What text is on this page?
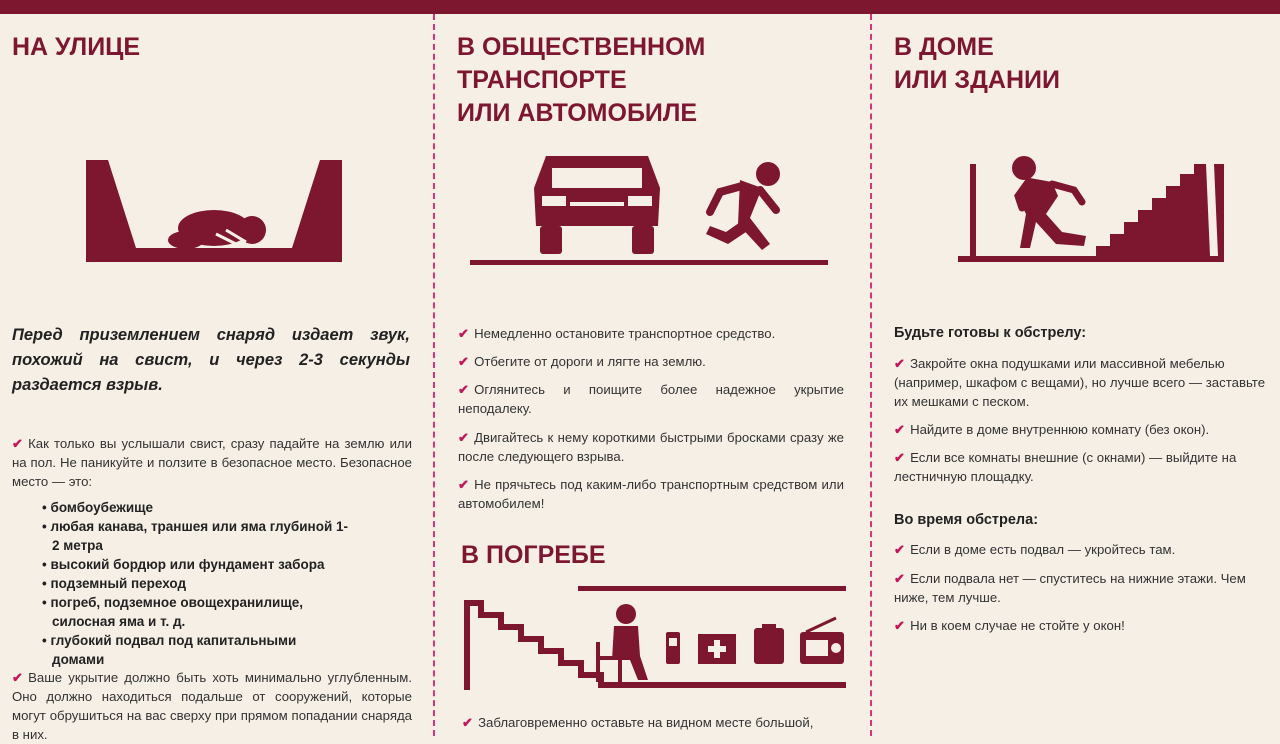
НА УЛИЦЕ
Перед приземлением снаряд издает звук, похожий на свист, и через 2-3 секунды раздается взрыв.
✔ Как только вы услышали свист, сразу падайте на землю или на пол. Не паникуйте и ползите в безопасное место. Безопасное место — это:
• бомбоубежище
• любая канава, траншея или яма глубиной 1-2 метра
• высокий бордюр или фундамент забора
• подземный переход
• погреб, подземное овощехранилище, силосная яма и т. д.
• глубокий подвал под капитальными домами
✔ Ваше укрытие должно быть хоть минимально углубленным. Оно должно находиться подальше от сооружений, которые могут обрушиться на вас сверху при прямом попадании снаряда в них.
В ОБЩЕСТВЕННОМ
ТРАНСПОРТЕ
ИЛИ АВТОМОБИЛЕ
✔ Немедленно остановите транспортное средство.
✔ Отбегите от дороги и лягте на землю.
✔ Оглянитесь и поищите более надежное укрытие неподалеку.
✔ Двигайтесь к нему короткими быстрыми бросками сразу же после следующего взрыва.
✔ Не прячьтесь под каким-либо транспортным средством или автомобилем!
В ПОГРЕБЕ
✔ Заблаговременно оставьте на видном месте большой,
В ДОМЕ
ИЛИ ЗДАНИИ
Будьте готовы к обстрелу:
✔ Закройте окна подушками или массивной мебелью (например, шкафом с вещами), но лучше всего — заставьте их мешками с песком.
✔ Найдите в доме внутреннюю комнату (без окон).
✔ Если все комнаты внешние (с окнами) — выйдите на лестничную площадку.
Во время обстрела:
✔ Если в доме есть подвал — укройтесь там.
✔ Если подвала нет — спуститесь на нижние этажи. Чем ниже, тем лучше.
✔ Ни в коем случае не стойте у окон!
